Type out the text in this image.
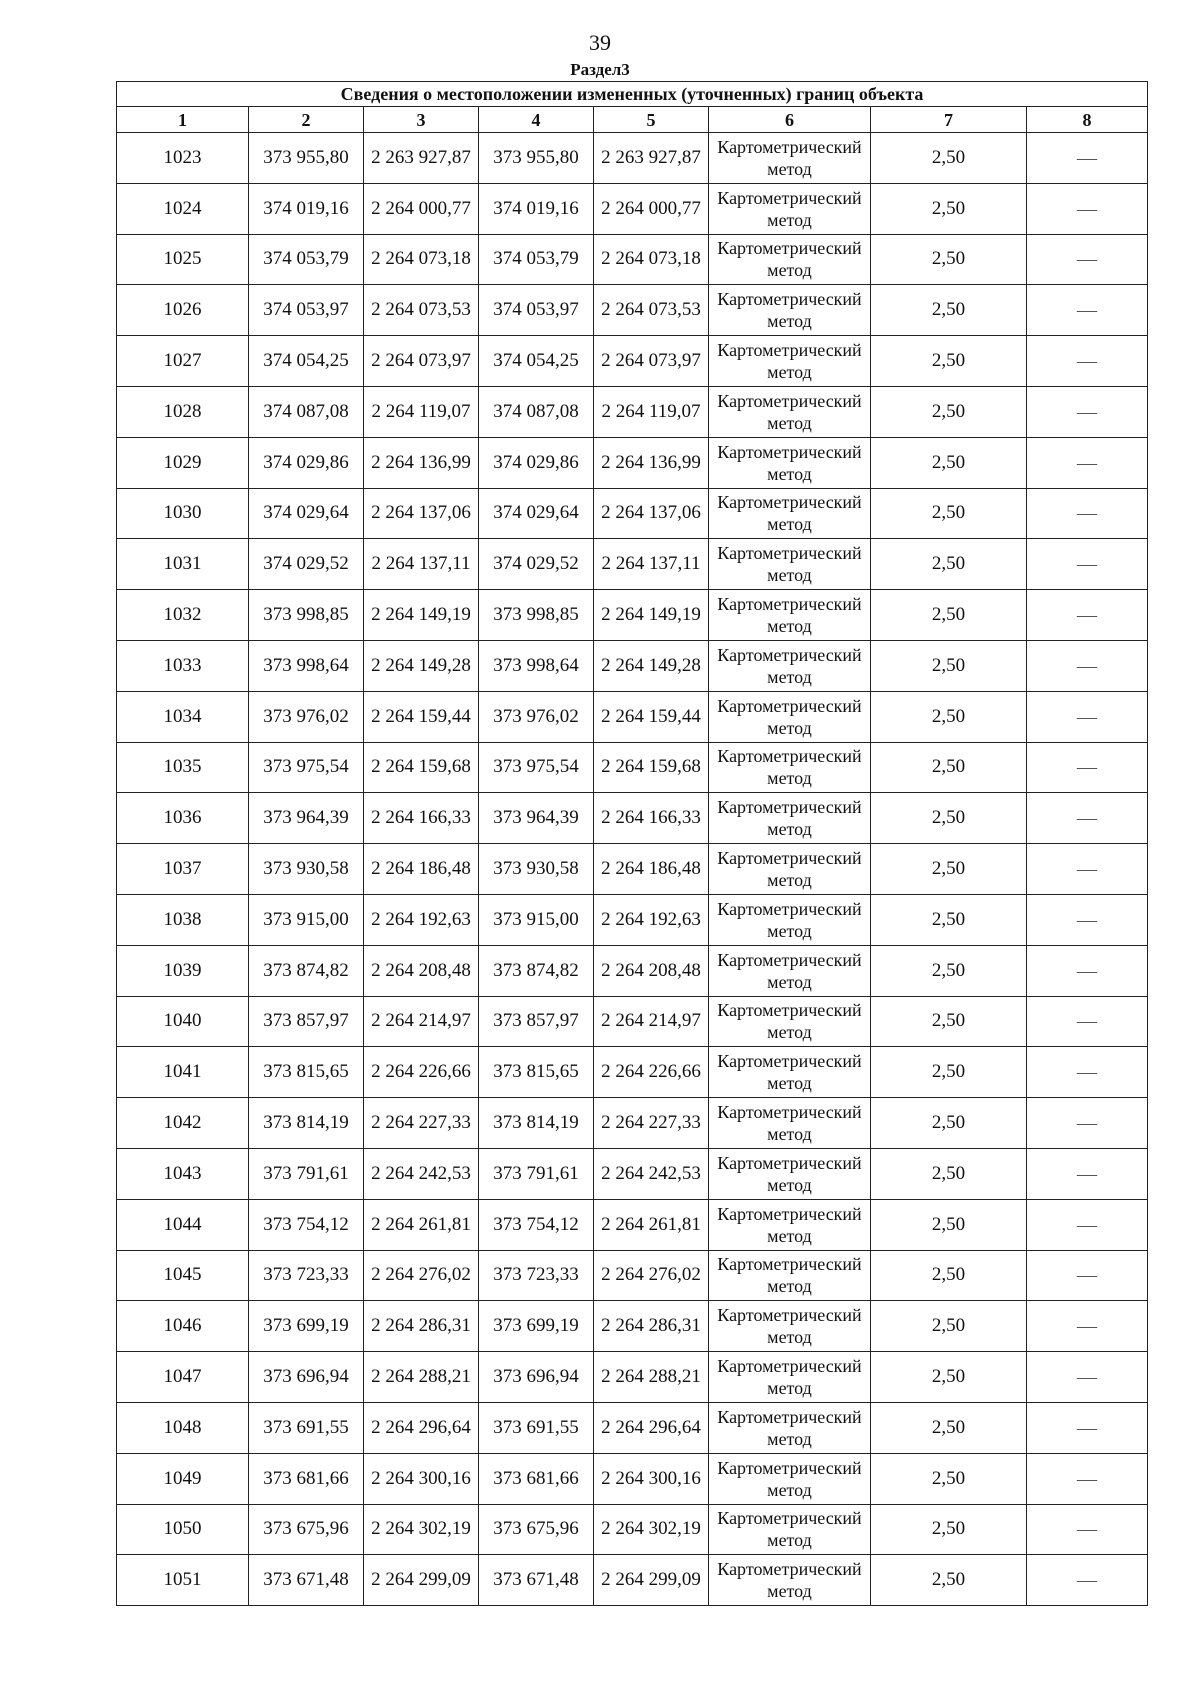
39
Раздел3
Сведения о местоположении измененных (уточненных) границ объекта							
1	2	3	4	5	6	7	8
1023	373 955,80	2 263 927,87	373 955,80	2 263 927,87	Картометрический метод	2,50	—
1024	374 019,16	2 264 000,77	374 019,16	2 264 000,77	Картометрический метод	2,50	—
1025	374 053,79	2 264 073,18	374 053,79	2 264 073,18	Картометрический метод	2,50	—
1026	374 053,97	2 264 073,53	374 053,97	2 264 073,53	Картометрический метод	2,50	—
1027	374 054,25	2 264 073,97	374 054,25	2 264 073,97	Картометрический метод	2,50	—
1028	374 087,08	2 264 119,07	374 087,08	2 264 119,07	Картометрический метод	2,50	—
1029	374 029,86	2 264 136,99	374 029,86	2 264 136,99	Картометрический метод	2,50	—
1030	374 029,64	2 264 137,06	374 029,64	2 264 137,06	Картометрический метод	2,50	—
1031	374 029,52	2 264 137,11	374 029,52	2 264 137,11	Картометрический метод	2,50	—
1032	373 998,85	2 264 149,19	373 998,85	2 264 149,19	Картометрический метод	2,50	—
1033	373 998,64	2 264 149,28	373 998,64	2 264 149,28	Картометрический метод	2,50	—
1034	373 976,02	2 264 159,44	373 976,02	2 264 159,44	Картометрический метод	2,50	—
1035	373 975,54	2 264 159,68	373 975,54	2 264 159,68	Картометрический метод	2,50	—
1036	373 964,39	2 264 166,33	373 964,39	2 264 166,33	Картометрический метод	2,50	—
1037	373 930,58	2 264 186,48	373 930,58	2 264 186,48	Картометрический метод	2,50	—
1038	373 915,00	2 264 192,63	373 915,00	2 264 192,63	Картометрический метод	2,50	—
1039	373 874,82	2 264 208,48	373 874,82	2 264 208,48	Картометрический метод	2,50	—
1040	373 857,97	2 264 214,97	373 857,97	2 264 214,97	Картометрический метод	2,50	—
1041	373 815,65	2 264 226,66	373 815,65	2 264 226,66	Картометрический метод	2,50	—
1042	373 814,19	2 264 227,33	373 814,19	2 264 227,33	Картометрический метод	2,50	—
1043	373 791,61	2 264 242,53	373 791,61	2 264 242,53	Картометрический метод	2,50	—
1044	373 754,12	2 264 261,81	373 754,12	2 264 261,81	Картометрический метод	2,50	—
1045	373 723,33	2 264 276,02	373 723,33	2 264 276,02	Картометрический метод	2,50	—
1046	373 699,19	2 264 286,31	373 699,19	2 264 286,31	Картометрический метод	2,50	—
1047	373 696,94	2 264 288,21	373 696,94	2 264 288,21	Картометрический метод	2,50	—
1048	373 691,55	2 264 296,64	373 691,55	2 264 296,64	Картометрический метод	2,50	—
1049	373 681,66	2 264 300,16	373 681,66	2 264 300,16	Картометрический метод	2,50	—
1050	373 675,96	2 264 302,19	373 675,96	2 264 302,19	Картометрический метод	2,50	—
1051	373 671,48	2 264 299,09	373 671,48	2 264 299,09	Картометрический метод	2,50	—
